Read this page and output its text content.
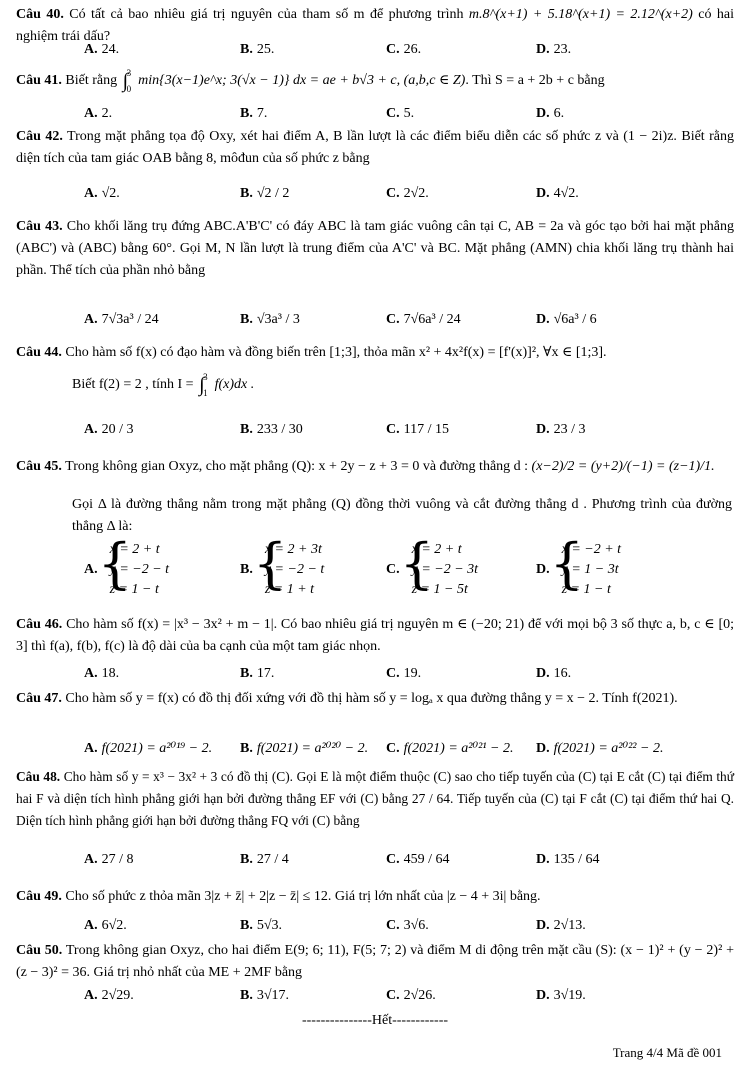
Câu 40. Có tất cả bao nhiêu giá trị nguyên của tham số m để phương trình m.8^(x+1) + 5.18^(x+1) = 2.12^(x+2) có hai nghiệm trái dấu?
A. 24.	B. 25.	C. 26.	D. 23.
Câu 41. Biết rằng ∫
3
0
min{3(x−1)e^x; 3(√x − 1)} dx = ae + b√3 + c, (a,b,c ∈ Z). Thì S = a + 2b + c bằng
A. 2.	B. 7.	C. 5.	D. 6.
Câu 42. Trong mặt phẳng tọa độ Oxy, xét hai điểm A, B lần lượt là các điểm biểu diễn các số phức z và (1 − 2i)z. Biết rằng diện tích của tam giác OAB bằng 8, môđun của số phức z bằng
A. √2.	B. √2 / 2	C. 2√2.	D. 4√2.
Câu 43. Cho khối lăng trụ đứng ABC.A'B'C' có đáy ABC là tam giác vuông cân tại C, AB = 2a và góc tạo bởi hai mặt phẳng (ABC') và (ABC) bằng 60°. Gọi M, N lần lượt là trung điểm của A'C' và BC. Mặt phẳng (AMN) chia khối lăng trụ thành hai phần. Thể tích của phần nhỏ bằng
A. 7√3a³ / 24	B. √3a³ / 3	C. 7√6a³ / 24	D. √6a³ / 6
Câu 44. Cho hàm số f(x) có đạo hàm và đồng biến trên [1;3], thỏa mãn x² + 4x²f(x) = [f'(x)]², ∀x ∈ [1;3].
Biết f(2) = 2 , tính I = ∫
3
1
f(x)dx .
A. 20 / 3	B. 233 / 30	C. 117 / 15	D. 23 / 3
Câu 45. Trong không gian Oxyz, cho mặt phẳng (Q): x + 2y − z + 3 = 0 và đường thẳng d : (x−2)/2 = (y+2)/(−1) = (z−1)/1.
Gọi Δ là đường thẳng nằm trong mặt phẳng (Q) đồng thời vuông và cắt đường thẳng d . Phương trình của đường thẳng Δ là:
A.
{ x = 2 + t
y = −2 − t
z = 1 − t
B.
{ x = 2 + 3t
y = −2 − t
z = 1 + t
C.
{ x = 2 + t
y = −2 − 3t
z = 1 − 5t
D.
{ x = −2 + t
y = 1 − 3t
z = 1 − t
Câu 46. Cho hàm số f(x) = |x³ − 3x² + m − 1|. Có bao nhiêu giá trị nguyên m ∈ (−20; 21) để với mọi bộ 3 số thực a, b, c ∈ [0; 3] thì f(a), f(b), f(c) là độ dài của ba cạnh của một tam giác nhọn.
A. 18.	B. 17.	C. 19.	D. 16.
Câu 47. Cho hàm số y = f(x) có đồ thị đối xứng với đồ thị hàm số y = logₐ x qua đường thẳng y = x − 2. Tính f(2021).
A. f(2021) = a²⁰¹⁹ − 2. B. f(2021) = a²⁰²⁰ − 2. C. f(2021) = a²⁰²¹ − 2. D. f(2021) = a²⁰²² − 2.
Câu 48. Cho hàm số y = x³ − 3x² + 3 có đồ thị (C). Gọi E là một điểm thuộc (C) sao cho tiếp tuyến của (C) tại E cắt (C) tại điểm thứ hai F và diện tích hình phẳng giới hạn bởi đường thẳng EF với (C) bằng 27 / 64. Tiếp tuyến của (C) tại F cắt (C) tại điểm thứ hai Q. Diện tích hình phẳng giới hạn bởi đường thẳng FQ với (C) bằng
A. 27 / 8	B. 27 / 4	C. 459 / 64	D. 135 / 64
Câu 49. Cho số phức z thỏa mãn 3|z + z̄| + 2|z − z̄| ≤ 12. Giá trị lớn nhất của |z − 4 + 3i| bằng.
A. 6√2.	B. 5√3.	C. 3√6.	D. 2√13.
Câu 50. Trong không gian Oxyz, cho hai điểm E(9; 6; 11), F(5; 7; 2) và điểm M di động trên mặt cầu (S): (x − 1)² + (y − 2)² + (z − 3)² = 36. Giá trị nhỏ nhất của ME + 2MF bằng
A. 2√29.	B. 3√17.	C. 2√26.	D. 3√19.
---------------Hết------------
Trang 4/4 Mã đề 001
